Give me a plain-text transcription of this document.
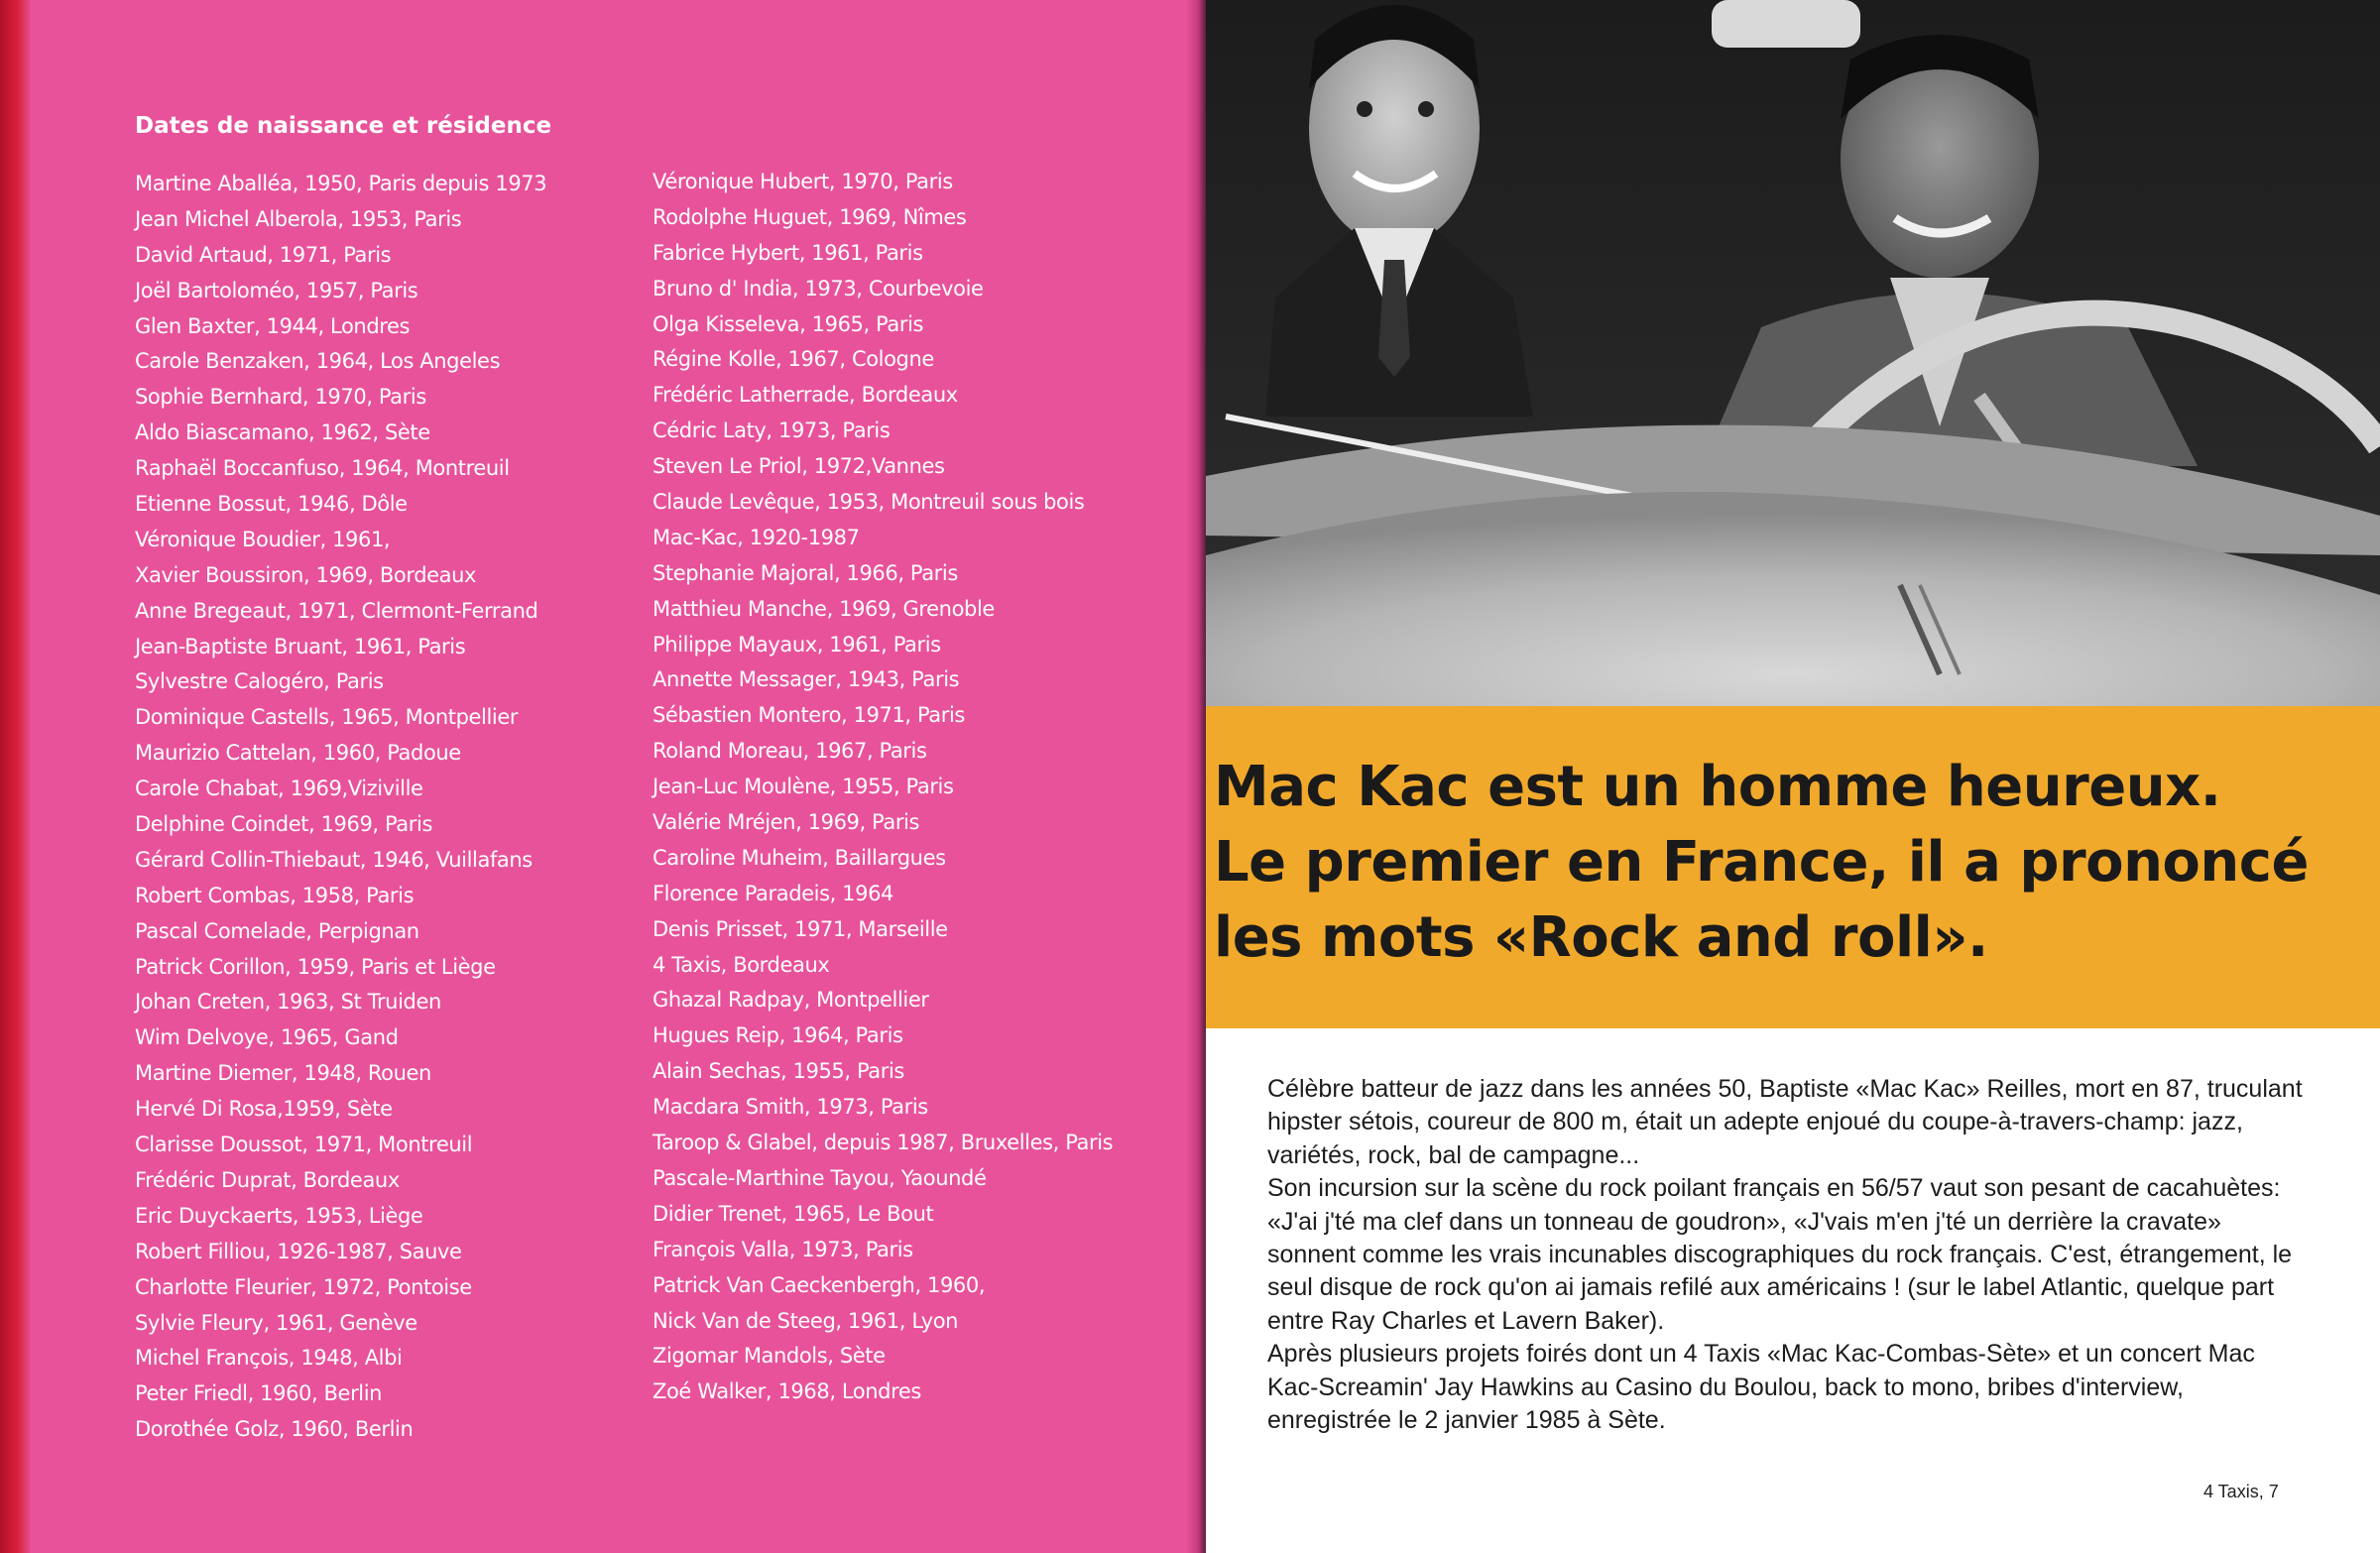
Dates de naissance et résidence
Martine Aballéa, 1950, Paris depuis 1973
Jean Michel Alberola, 1953, Paris
David Artaud, 1971, Paris
Joël Bartoloméo, 1957, Paris
Glen Baxter, 1944, Londres
Carole Benzaken, 1964, Los Angeles
Sophie Bernhard, 1970, Paris
Aldo Biascamano, 1962, Sète
Raphaël Boccanfuso, 1964, Montreuil
Etienne Bossut, 1946, Dôle
Véronique Boudier, 1961,
Xavier Boussiron, 1969, Bordeaux
Anne Bregeaut, 1971, Clermont-Ferrand
Jean-Baptiste Bruant, 1961, Paris
Sylvestre Calogéro, Paris
Dominique Castells, 1965, Montpellier
Maurizio Cattelan, 1960, Padoue
Carole Chabat, 1969,Viziville
Delphine Coindet, 1969, Paris
Gérard Collin-Thiebaut, 1946, Vuillafans
Robert Combas, 1958, Paris
Pascal Comelade, Perpignan
Patrick Corillon, 1959, Paris et Liège
Johan Creten, 1963, St Truiden
Wim Delvoye, 1965, Gand
Martine Diemer, 1948, Rouen
Hervé Di Rosa,1959, Sète
Clarisse Doussot, 1971, Montreuil
Frédéric Duprat, Bordeaux
Eric Duyckaerts, 1953, Liège
Robert Filliou, 1926-1987, Sauve
Charlotte Fleurier, 1972, Pontoise
Sylvie Fleury, 1961, Genève
Michel François, 1948, Albi
Peter Friedl, 1960, Berlin
Dorothée Golz, 1960, Berlin
Véronique Hubert, 1970, Paris
Rodolphe Huguet, 1969, Nîmes
Fabrice Hybert, 1961, Paris
Bruno d' India, 1973, Courbevoie
Olga Kisseleva, 1965, Paris
Régine Kolle, 1967, Cologne
Frédéric Latherrade, Bordeaux
Cédric Laty, 1973, Paris
Steven Le Priol, 1972,Vannes
Claude Levêque, 1953, Montreuil sous bois
Mac-Kac, 1920-1987
Stephanie Majoral, 1966, Paris
Matthieu Manche, 1969, Grenoble
Philippe Mayaux, 1961, Paris
Annette Messager, 1943, Paris
Sébastien Montero, 1971, Paris
Roland Moreau, 1967, Paris
Jean-Luc Moulène, 1955, Paris
Valérie Mréjen, 1969, Paris
Caroline Muheim, Baillargues
Florence Paradeis, 1964
Denis Prisset, 1971, Marseille
4 Taxis, Bordeaux
Ghazal Radpay, Montpellier
Hugues Reip, 1964, Paris
Alain Sechas, 1955, Paris
Macdara Smith, 1973, Paris
Taroop & Glabel, depuis 1987, Bruxelles, Paris
Pascale-Marthine Tayou, Yaoundé
Didier Trenet, 1965, Le Bout
François Valla, 1973, Paris
Patrick Van Caeckenbergh, 1960,
Nick Van de Steeg, 1961, Lyon
Zigomar Mandols, Sète
Zoé Walker, 1968, Londres
Mac Kac est un homme heureux.
Le premier en France, il a prononcé
les mots «Rock and roll».

Célèbre batteur de jazz dans les années 50, Baptiste «Mac Kac» Reilles, mort en 87, truculant hipster sétois, coureur de 800 m, était un adepte enjoué du coupe-à-travers-champ: jazz, variétés, rock, bal de campagne...

Son incursion sur la scène du rock poilant français en 56/57 vaut son pesant de cacahuètes: «J'ai j'té ma clef dans un tonneau de goudron», «J'vais m'en j'té un derrière la cravate» sonnent comme les vrais incunables discographiques du rock français. C'est, étrangement, le seul disque de rock qu'on ai jamais refilé aux américains ! (sur le label Atlantic, quelque part entre Ray Charles et Lavern Baker).

Après plusieurs projets foirés dont un 4 Taxis «Mac Kac-Combas-Sète» et un concert Mac Kac-Screamin' Jay Hawkins au Casino du Boulou, back to mono, bribes d'interview, enregistrée le 2 janvier 1985 à Sète.

4 Taxis, 7
